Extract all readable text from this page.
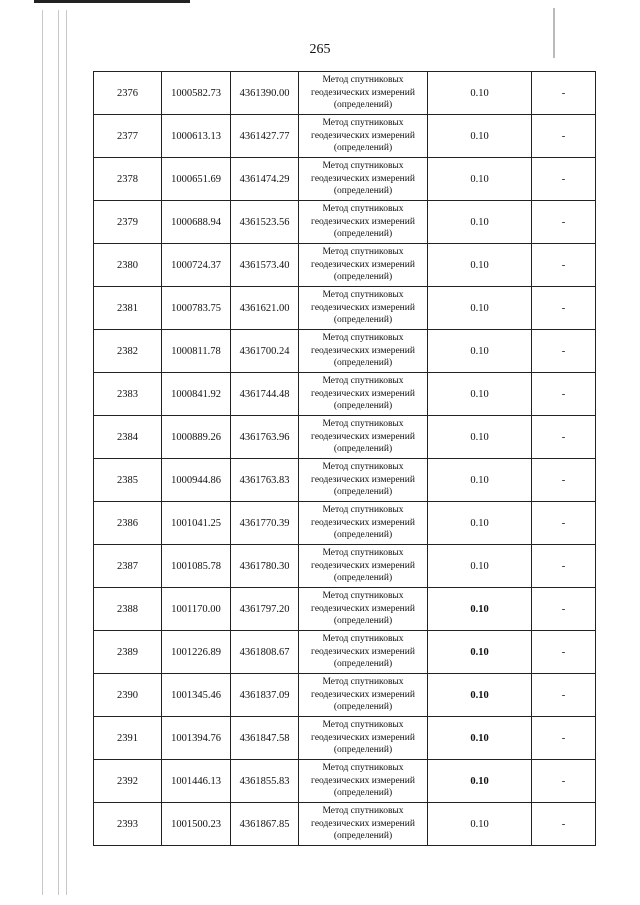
265
2376	1000582.73	4361390.00	Метод спутниковых
геодезических измерений
(определений)	0.10	-
2377	1000613.13	4361427.77	Метод спутниковых
геодезических измерений
(определений)	0.10	-
2378	1000651.69	4361474.29	Метод спутниковых
геодезических измерений
(определений)	0.10	-
2379	1000688.94	4361523.56	Метод спутниковых
геодезических измерений
(определений)	0.10	-
2380	1000724.37	4361573.40	Метод спутниковых
геодезических измерений
(определений)	0.10	-
2381	1000783.75	4361621.00	Метод спутниковых
геодезических измерений
(определений)	0.10	-
2382	1000811.78	4361700.24	Метод спутниковых
геодезических измерений
(определений)	0.10	-
2383	1000841.92	4361744.48	Метод спутниковых
геодезических измерений
(определений)	0.10	-
2384	1000889.26	4361763.96	Метод спутниковых
геодезических измерений
(определений)	0.10	-
2385	1000944.86	4361763.83	Метод спутниковых
геодезических измерений
(определений)	0.10	-
2386	1001041.25	4361770.39	Метод спутниковых
геодезических измерений
(определений)	0.10	-
2387	1001085.78	4361780.30	Метод спутниковых
геодезических измерений
(определений)	0.10	-
2388	1001170.00	4361797.20	Метод спутниковых
геодезических измерений
(определений)	0.10	-
2389	1001226.89	4361808.67	Метод спутниковых
геодезических измерений
(определений)	0.10	-
2390	1001345.46	4361837.09	Метод спутниковых
геодезических измерений
(определений)	0.10	-
2391	1001394.76	4361847.58	Метод спутниковых
геодезических измерений
(определений)	0.10	-
2392	1001446.13	4361855.83	Метод спутниковых
геодезических измерений
(определений)	0.10	-
2393	1001500.23	4361867.85	Метод спутниковых
геодезических измерений
(определений)	0.10	-
